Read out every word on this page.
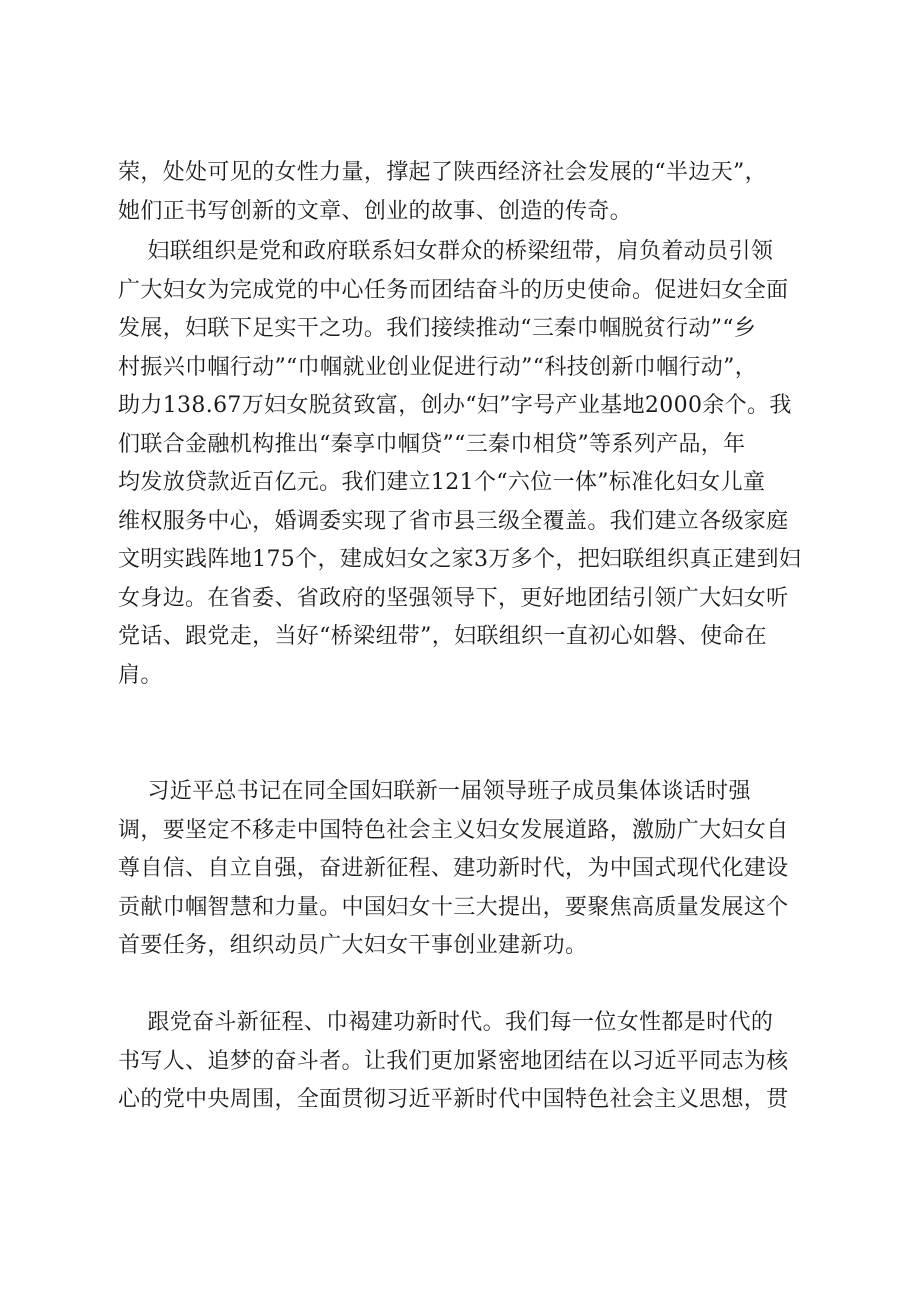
荣，处处可见的女性力量，撑起了陕西经济社会发展的“半边天”，
她们正书写创新的文章、创业的故事、创造的传奇。
妇联组织是党和政府联系妇女群众的桥梁纽带，肩负着动员引领
广大妇女为完成党的中心任务而团结奋斗的历史使命。促进妇女全面
发展，妇联下足实干之功。我们接续推动“三秦巾帼脱贫行动”“乡
村振兴巾帼行动”“巾帼就业创业促进行动”“科技创新巾帼行动”，
助力138.67万妇女脱贫致富，创办“妇”字号产业基地2000余个。我
们联合金融机构推出“秦享巾帼贷”“三秦巾相贷”等系列产品，年
均发放贷款近百亿元。我们建立121个“六位一体”标准化妇女儿童
维权服务中心，婚调委实现了省市县三级全覆盖。我们建立各级家庭
文明实践阵地175个，建成妇女之家3万多个，把妇联组织真正建到妇
女身边。在省委、省政府的坚强领导下，更好地团结引领广大妇女听
党话、跟党走，当好“桥梁纽带”，妇联组织一直初心如磐、使命在
肩。
习近平总书记在同全国妇联新一届领导班子成员集体谈话时强
调，要坚定不移走中国特色社会主义妇女发展道路，激励广大妇女自
尊自信、自立自强，奋进新征程、建功新时代，为中国式现代化建设
贡献巾帼智慧和力量。中国妇女十三大提出，要聚焦高质量发展这个
首要任务，组织动员广大妇女干事创业建新功。
跟党奋斗新征程、巾褐建功新时代。我们每一位女性都是时代的
书写人、追梦的奋斗者。让我们更加紧密地团结在以习近平同志为核
心的党中央周围，全面贯彻习近平新时代中国特色社会主义思想，贯
